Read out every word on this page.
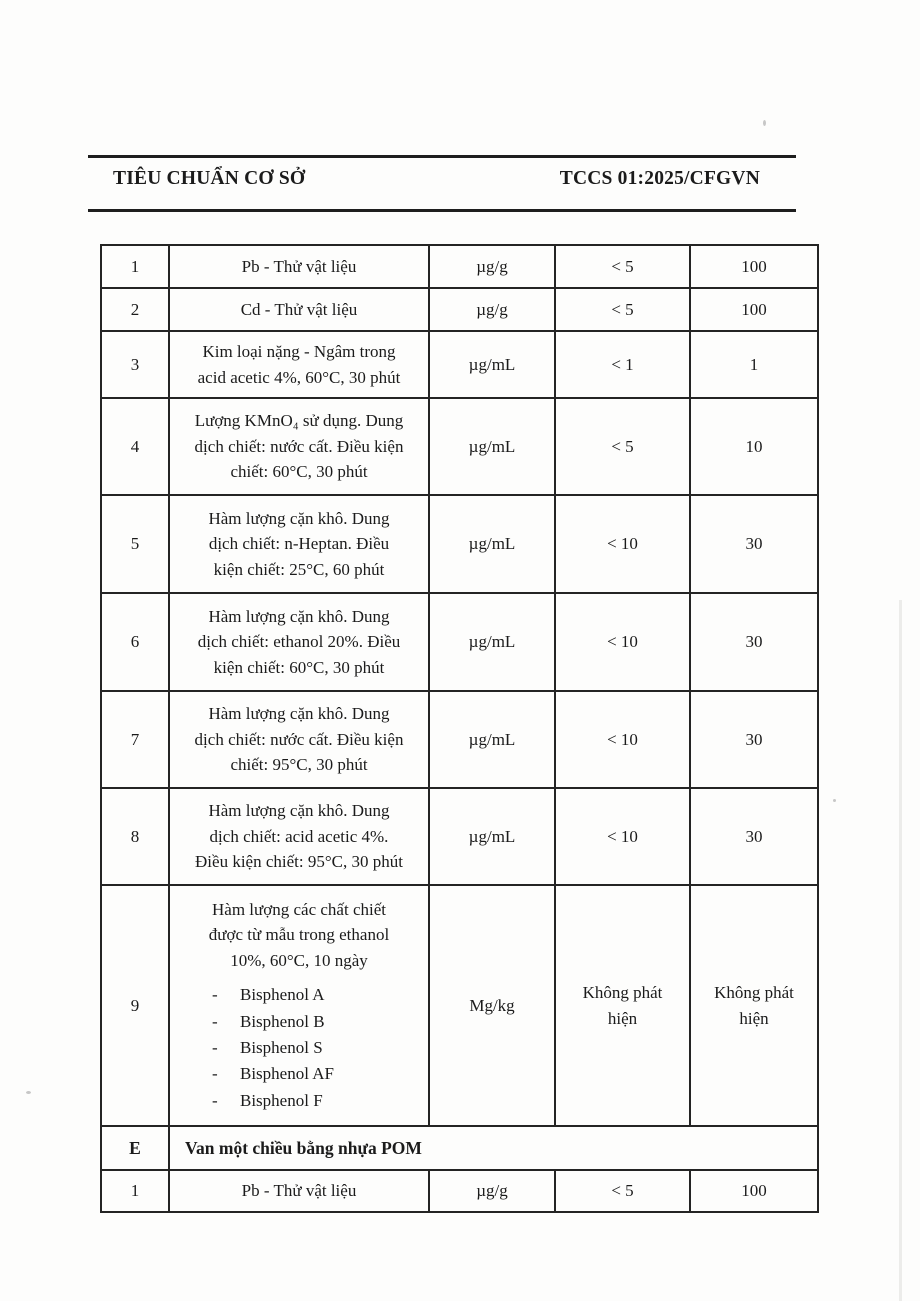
TIÊU CHUẨN CƠ SỞ	TCCS 01:2025/CFGVN
1	Pb - Thử vật liệu	µg/g	< 5	100
2	Cd - Thử vật liệu	µg/g	< 5	100
3	Kim loại nặng - Ngâm trong
acid acetic 4%, 60°C, 30 phút	µg/mL	< 1	1
4	Lượng KMnO₄ sử dụng. Dung
dịch chiết: nước cất. Điều kiện
chiết: 60°C, 30 phút	µg/mL	< 5	10
5	Hàm lượng cặn khô. Dung
dịch chiết: n-Heptan. Điều
kiện chiết: 25°C, 60 phút	µg/mL	< 10	30
6	Hàm lượng cặn khô. Dung
dịch chiết: ethanol 20%. Điều
kiện chiết: 60°C, 30 phút	µg/mL	< 10	30
7	Hàm lượng cặn khô. Dung
dịch chiết: nước cất. Điều kiện
chiết: 95°C, 30 phút	µg/mL	< 10	30
8	Hàm lượng cặn khô. Dung
dịch chiết: acid acetic 4%.
Điều kiện chiết: 95°C, 30 phút	µg/mL	< 10	30
9	
Hàm lượng các chất chiết
được từ mẫu trong ethanol
10%, 60°C, 10 ngày
-	Bisphenol A
-	Bisphenol B
-	Bisphenol S
-	Bisphenol AF
-	Bisphenol F
	Mg/kg	Không phát hiện	Không phát hiện
E	Van một chiều bằng nhựa POM			
1	Pb - Thử vật liệu	µg/g	< 5	100
